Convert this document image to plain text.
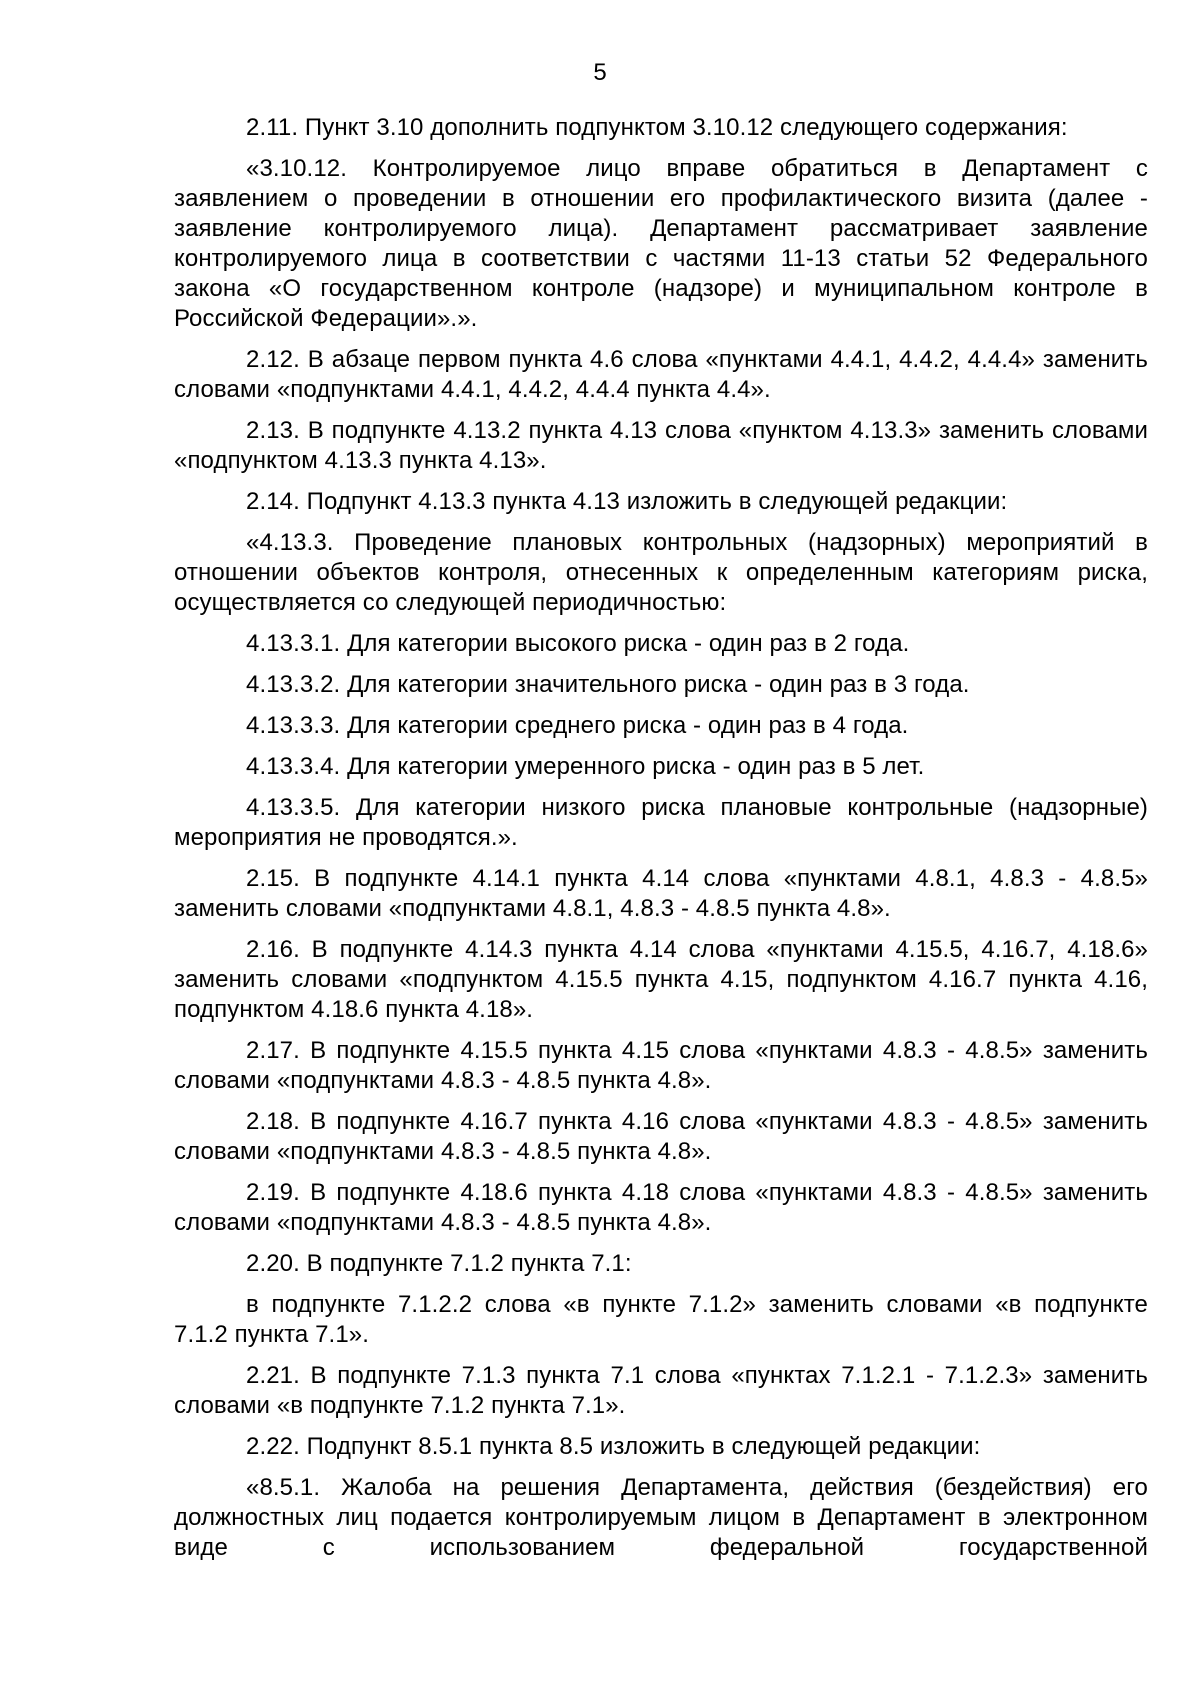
5

2.11. Пункт 3.10 дополнить подпунктом 3.10.12 следующего содержания:

«3.10.12. Контролируемое лицо вправе обратиться в Департамент с заявлением о проведении в отношении его профилактического визита (далее - заявление контролируемого лица). Департамент рассматривает заявление контролируемого лица в соответствии с частями 11-13 статьи 52 Федерального закона «О государственном контроле (надзоре) и муниципальном контроле в Российской Федерации».».

2.12. В абзаце первом пункта 4.6 слова «пунктами 4.4.1, 4.4.2, 4.4.4» заменить словами «подпунктами 4.4.1, 4.4.2, 4.4.4 пункта 4.4».

2.13. В подпункте 4.13.2 пункта 4.13 слова «пунктом 4.13.3» заменить словами «подпунктом 4.13.3 пункта 4.13».

2.14. Подпункт 4.13.3 пункта 4.13 изложить в следующей редакции:

«4.13.3. Проведение плановых контрольных (надзорных) мероприятий в отношении объектов контроля, отнесенных к определенным категориям риска, осуществляется со следующей периодичностью:

4.13.3.1. Для категории высокого риска - один раз в 2 года.

4.13.3.2. Для категории значительного риска - один раз в 3 года.

4.13.3.3. Для категории среднего риска - один раз в 4 года.

4.13.3.4. Для категории умеренного риска - один раз в 5 лет.

4.13.3.5. Для категории низкого риска плановые контрольные (надзорные) мероприятия не проводятся.».

2.15. В подпункте 4.14.1 пункта 4.14 слова «пунктами 4.8.1, 4.8.3 - 4.8.5» заменить словами «подпунктами 4.8.1, 4.8.3 - 4.8.5 пункта 4.8».

2.16. В подпункте 4.14.3 пункта 4.14 слова «пунктами 4.15.5, 4.16.7, 4.18.6» заменить словами «подпунктом 4.15.5 пункта 4.15, подпунктом 4.16.7 пункта 4.16, подпунктом 4.18.6 пункта 4.18».

2.17. В подпункте 4.15.5 пункта 4.15 слова «пунктами 4.8.3 - 4.8.5» заменить словами «подпунктами 4.8.3 - 4.8.5 пункта 4.8».

2.18. В подпункте 4.16.7 пункта 4.16 слова «пунктами 4.8.3 - 4.8.5» заменить словами «подпунктами 4.8.3 - 4.8.5 пункта 4.8».

2.19. В подпункте 4.18.6 пункта 4.18 слова «пунктами 4.8.3 - 4.8.5» заменить словами «подпунктами 4.8.3 - 4.8.5 пункта 4.8».

2.20. В подпункте 7.1.2 пункта 7.1:

в подпункте 7.1.2.2 слова «в пункте 7.1.2» заменить словами «в подпункте 7.1.2 пункта 7.1».

2.21. В подпункте 7.1.3 пункта 7.1 слова «пунктах 7.1.2.1 - 7.1.2.3» заменить словами «в подпункте 7.1.2 пункта 7.1».

2.22. Подпункт 8.5.1 пункта 8.5 изложить в следующей редакции:

«8.5.1. Жалоба на решения Департамента, действия (бездействия) его должностных лиц подается контролируемым лицом в Департамент в электронном виде с использованием федеральной государственной
